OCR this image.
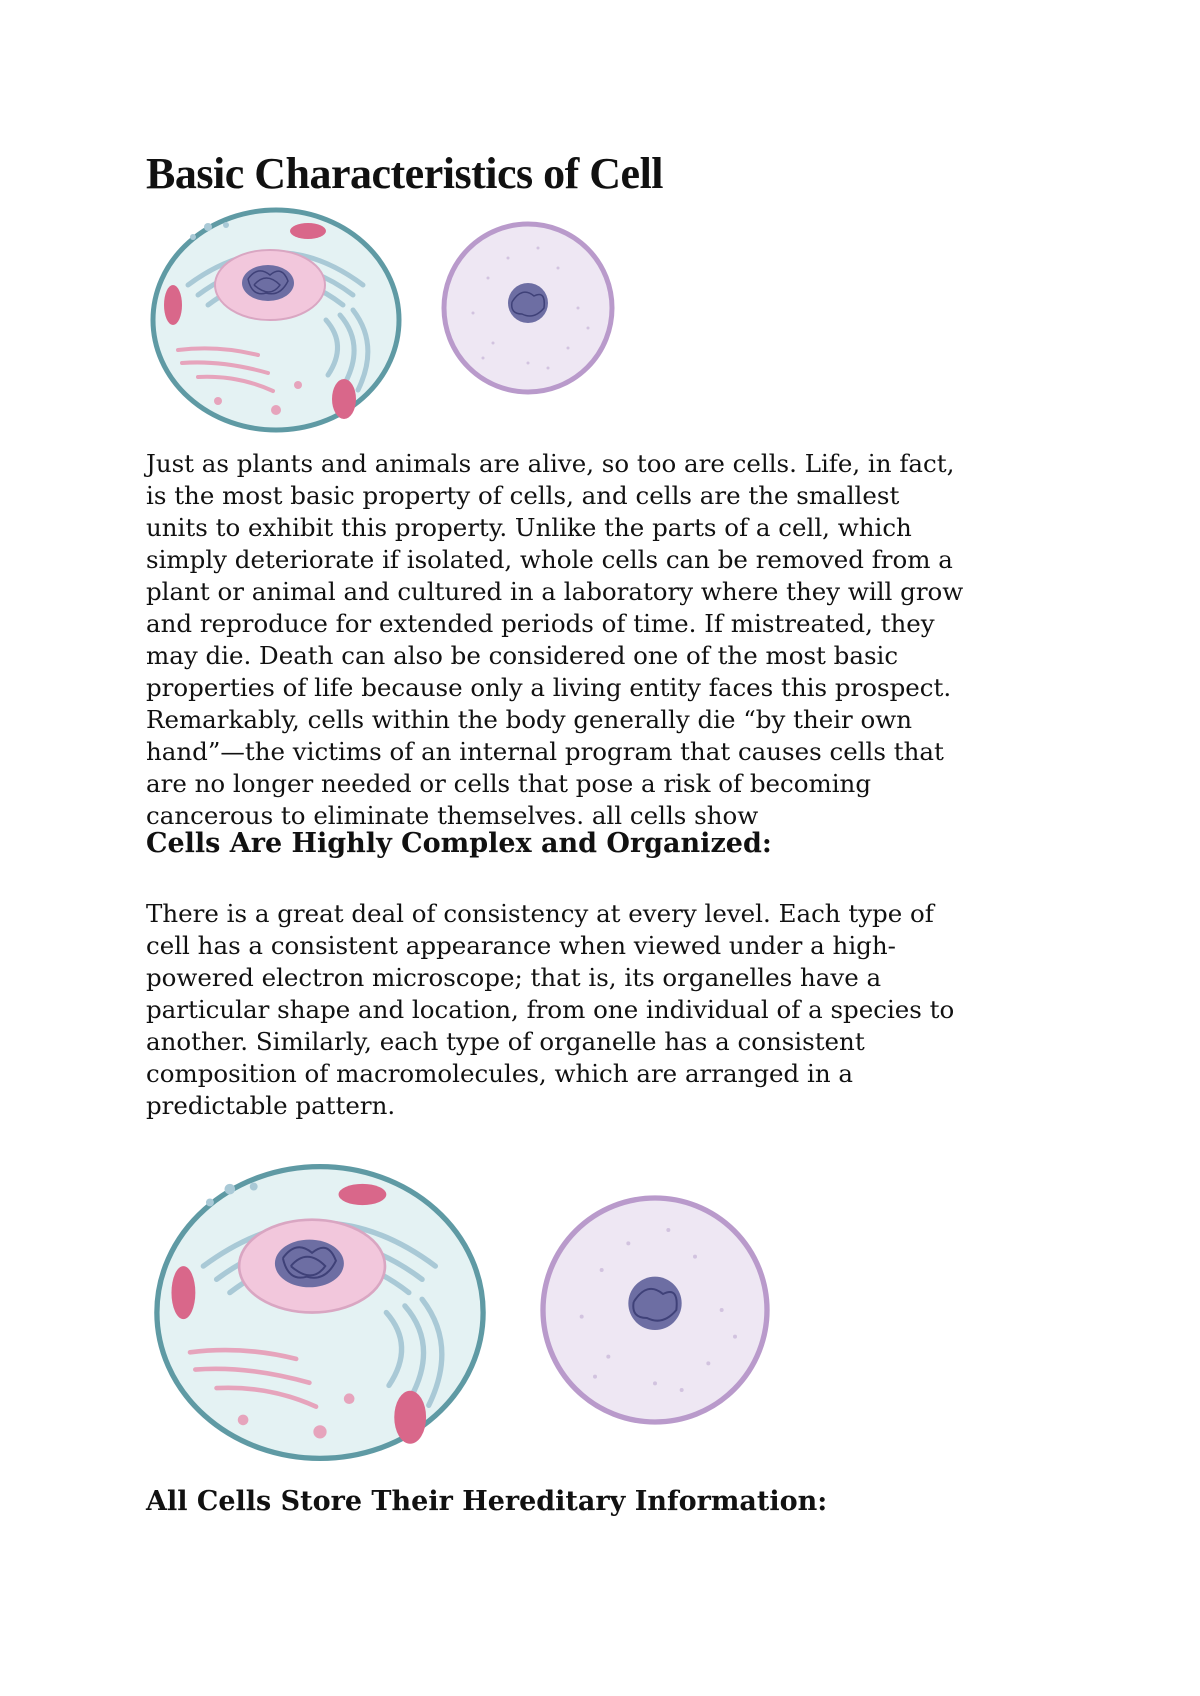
Basic Characteristics of Cell

Just as plants and animals are alive, so too are cells. Life, in fact,
is the most basic property of cells, and cells are the smallest
units to exhibit this property. Unlike the parts of a cell, which
simply deteriorate if isolated, whole cells can be removed from a
plant or animal and cultured in a laboratory where they will grow
and reproduce for extended periods of time. If mistreated, they
may die. Death can also be considered one of the most basic
properties of life because only a living entity faces this prospect.
Remarkably, cells within the body generally die “by their own
hand”—the victims of an internal program that causes cells that
are no longer needed or cells that pose a risk of becoming
cancerous to eliminate themselves. all cells show

Cells Are Highly Complex and Organized:

There is a great deal of consistency at every level. Each type of
cell has a consistent appearance when viewed under a high-
powered electron microscope; that is, its organelles have a
particular shape and location, from one individual of a species to
another. Similarly, each type of organelle has a consistent
composition of macromolecules, which are arranged in a
predictable pattern.

All Cells Store Their Hereditary Information:
